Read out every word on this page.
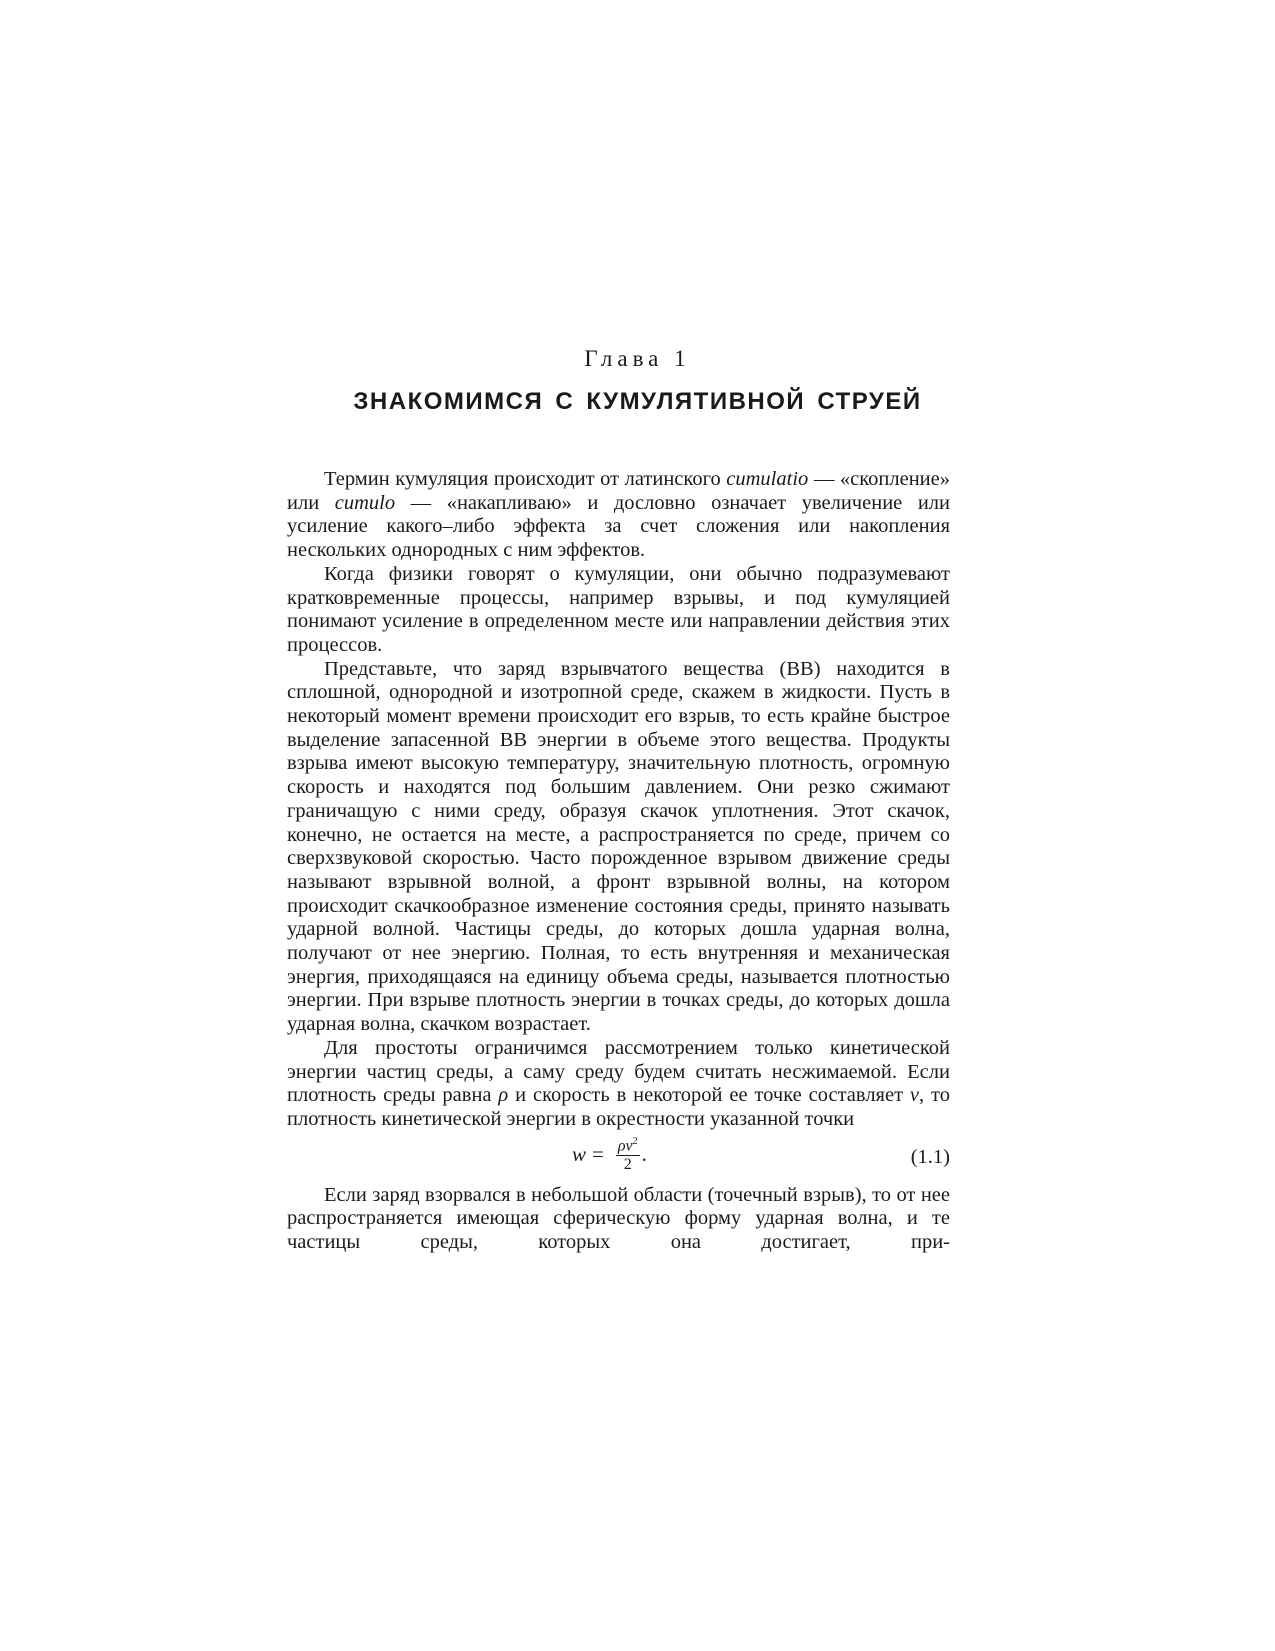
Глава 1
ЗНАКОМИМСЯ С КУМУЛЯТИВНОЙ СТРУЕЙ

Термин кумуляция происходит от латинского cumulatio — «скопление» или cumulo — «накапливаю» и дословно означает увеличение или усиление какого–либо эффекта за счет сложения или накопления нескольких однородных с ним эффектов.

Когда физики говорят о кумуляции, они обычно подразумевают кратковременные процессы, например взрывы, и под кумуляцией понимают усиление в определенном месте или направлении действия этих процессов.

Представьте, что заряд взрывчатого вещества (ВВ) находится в сплошной, однородной и изотропной среде, скажем в жидкости. Пусть в некоторый момент времени происходит его взрыв, то есть крайне быстрое выделение запасенной ВВ энергии в объеме этого вещества. Продукты взрыва имеют высокую температуру, значительную плотность, огромную скорость и находятся под большим давлением. Они резко сжимают граничащую с ними среду, образуя скачок уплотнения. Этот скачок, конечно, не остается на месте, а распространяется по среде, причем со сверхзвуковой скоростью. Часто порожденное взрывом движение среды называют взрывной волной, а фронт взрывной волны, на котором происходит скачкообразное изменение состояния среды, принято называть ударной волной. Частицы среды, до которых дошла ударная волна, получают от нее энергию. Полная, то есть внутренняя и механическая энергия, приходящаяся на единицу объема среды, называется плотностью энергии. При взрыве плотность энергии в точках среды, до которых дошла ударная волна, скачком возрастает.

Для простоты ограничимся рассмотрением только кинетической энергии частиц среды, а саму среду будем считать несжимаемой. Если плотность среды равна ρ и скорость в некоторой ее точке составляет v, то плотность кинетической энергии в окрестности указанной точки

$w = \frac{\rho v^2}{2}$ .	(1.1)

Если заряд взорвался в небольшой области (точечный взрыв), то от нее распространяется имеющая сферическую форму ударная волна, и те частицы среды, которых она достигает, при-
